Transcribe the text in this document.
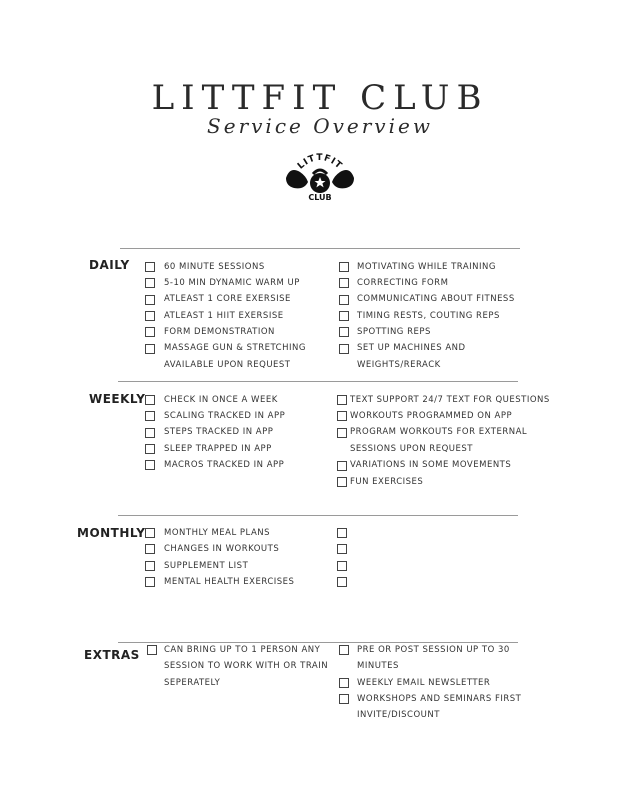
LITTFIT CLUB
Service Overview
LITTFIT
CLUB
DAILY
WEEKLY
MONTHLY
EXTRAS
60 MINUTE SESSIONS
5-10 MIN DYNAMIC WARM UP
ATLEAST 1 CORE EXERSISE
ATLEAST 1 HIIT EXERSISE
FORM DEMONSTRATION
MASSAGE GUN & STRETCHING
AVAILABLE UPON REQUEST
MOTIVATING WHILE TRAINING
CORRECTING FORM
COMMUNICATING ABOUT FITNESS
TIMING RESTS, COUTING REPS
SPOTTING REPS
SET UP MACHINES AND
WEIGHTS/RERACK
CHECK IN ONCE A WEEK
SCALING TRACKED IN APP
STEPS TRACKED IN APP
SLEEP TRAPPED IN APP
MACROS TRACKED IN APP
TEXT SUPPORT 24/7 TEXT FOR QUESTIONS
WORKOUTS PROGRAMMED ON APP
PROGRAM WORKOUTS FOR EXTERNAL
SESSIONS UPON REQUEST
VARIATIONS IN SOME MOVEMENTS
FUN EXERCISES
MONTHLY MEAL PLANS
CHANGES IN WORKOUTS
SUPPLEMENT LIST
MENTAL HEALTH EXERCISES
CAN BRING UP TO 1 PERSON ANY
SESSION TO WORK WITH OR TRAIN
SEPERATELY
PRE OR POST SESSION UP TO 30
MINUTES
WEEKLY EMAIL NEWSLETTER
WORKSHOPS AND SEMINARS FIRST
INVITE/DISCOUNT
